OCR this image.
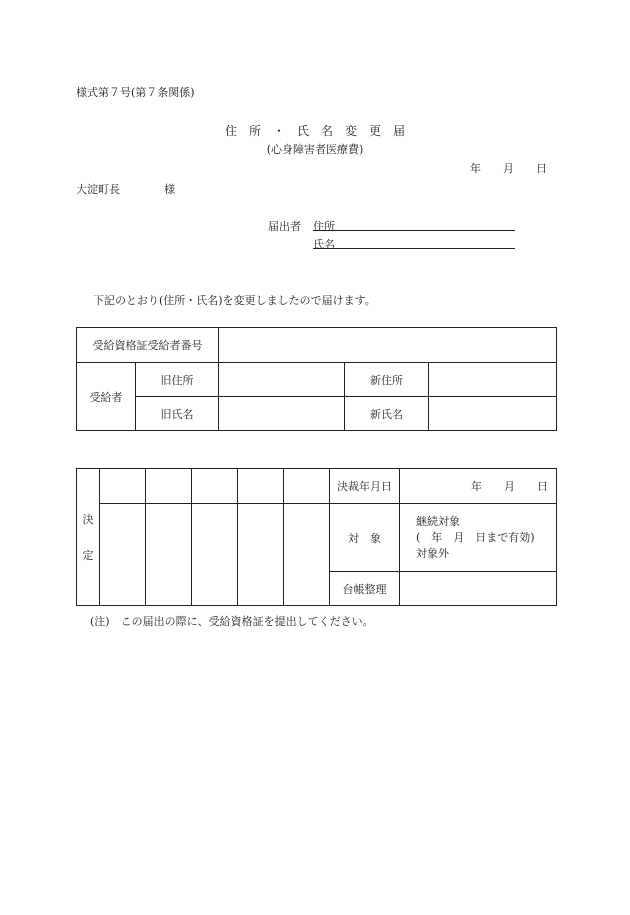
様式第７号(第７条関係)
住　所　・　氏　名　変　更　届
(心身障害者医療費)
年　　月　　日
大淀町長　　　　様
届出者 住所
氏名
下記のとおり(住所・氏名)を変更しましたので届けます。
受給資格証受給者番号				
受給者	旧住所		新住所	
	旧氏名		新氏名	
決
定						決裁年月日	年　　月　　日
						対　象	継続対象
(　年　月　日まで有効)
対象外

						台帳整理	
(注)　この届出の際に、受給資格証を提出してください。
